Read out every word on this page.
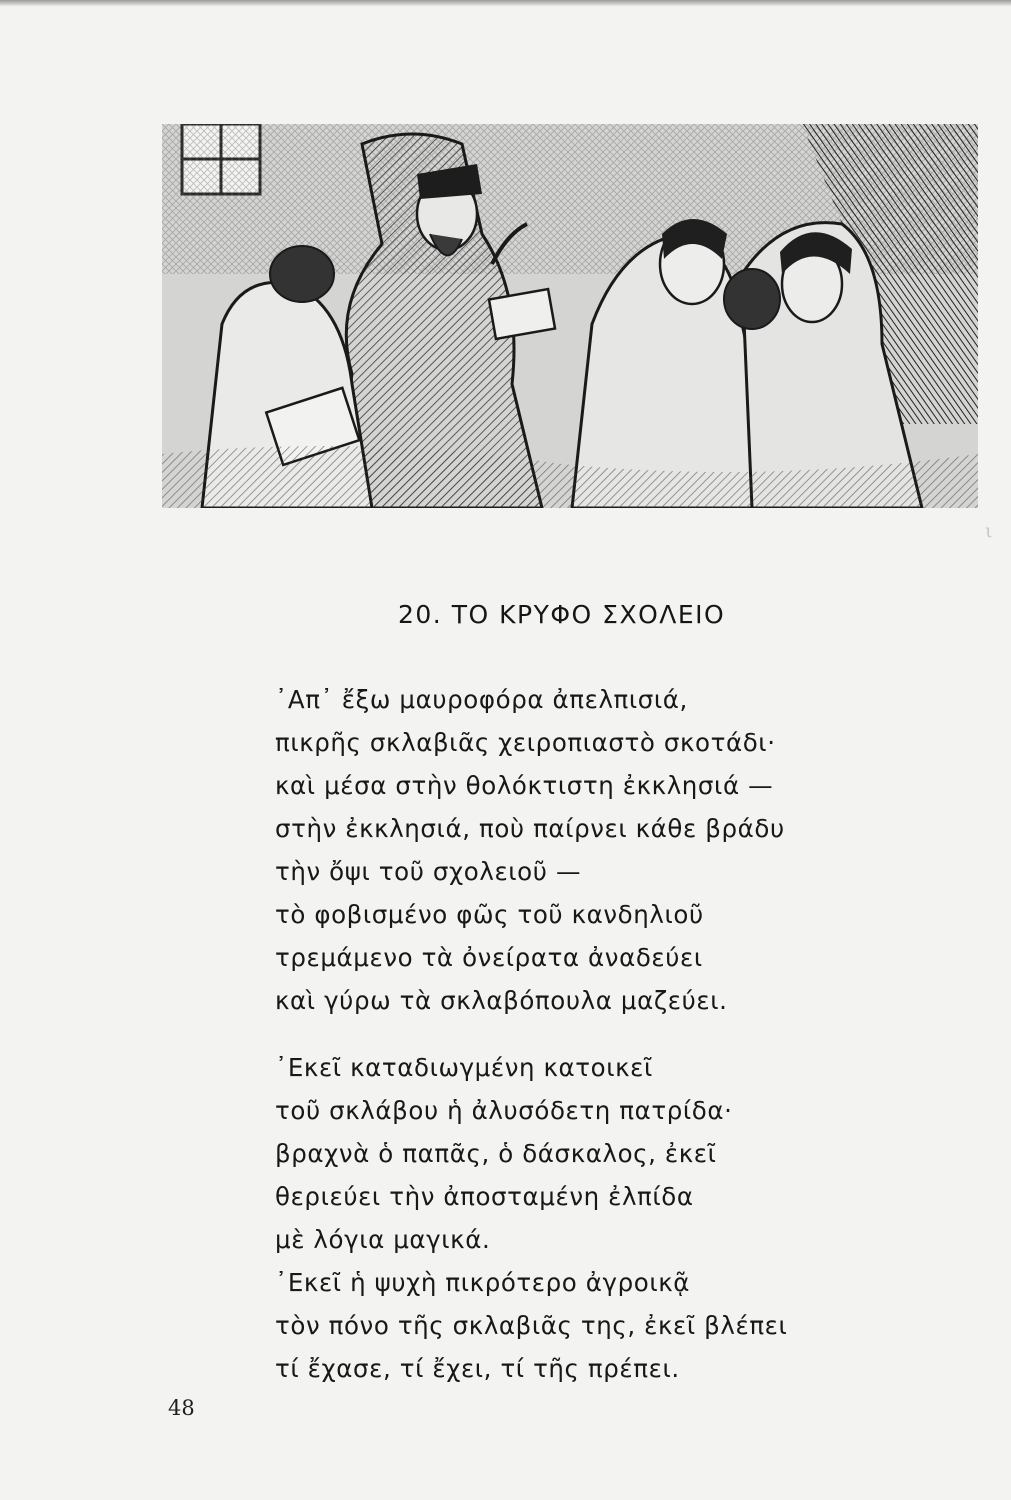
ι
20. ΤΟ ΚΡΥΦΟ ΣΧΟΛΕΙΟ
᾿Απ᾿ ἔξω μαυροφόρα ἀπελπισιά,
πικρῆς σκλαβιᾶς χειροπιαστὸ σκοτάδι·
καὶ μέσα στὴν θολόκτιστη ἐκκλησιά —
στὴν ἐκκλησιά, ποὺ παίρνει κάθε βράδυ
τὴν ὄψι τοῦ σχολειοῦ —
τὸ φοβισμένο φῶς τοῦ κανδηλιοῦ
τρεμάμενο τὰ ὀνείρατα ἀναδεύει
καὶ γύρω τὰ σκλαβόπουλα μαζεύει.
᾿Εκεῖ καταδιωγμένη κατοικεῖ
τοῦ σκλάβου ἡ ἀλυσόδετη πατρίδα·
βραχνὰ ὁ παπᾶς, ὁ δάσκαλος, ἐκεῖ
θεριεύει τὴν ἀποσταμένη ἐλπίδα
μὲ λόγια μαγικά.
᾿Εκεῖ ἡ ψυχὴ πικρότερο ἀγροικᾷ
τὸν πόνο τῆς σκλαβιᾶς της, ἐκεῖ βλέπει
τί ἔχασε, τί ἔχει, τί τῆς πρέπει.
48
